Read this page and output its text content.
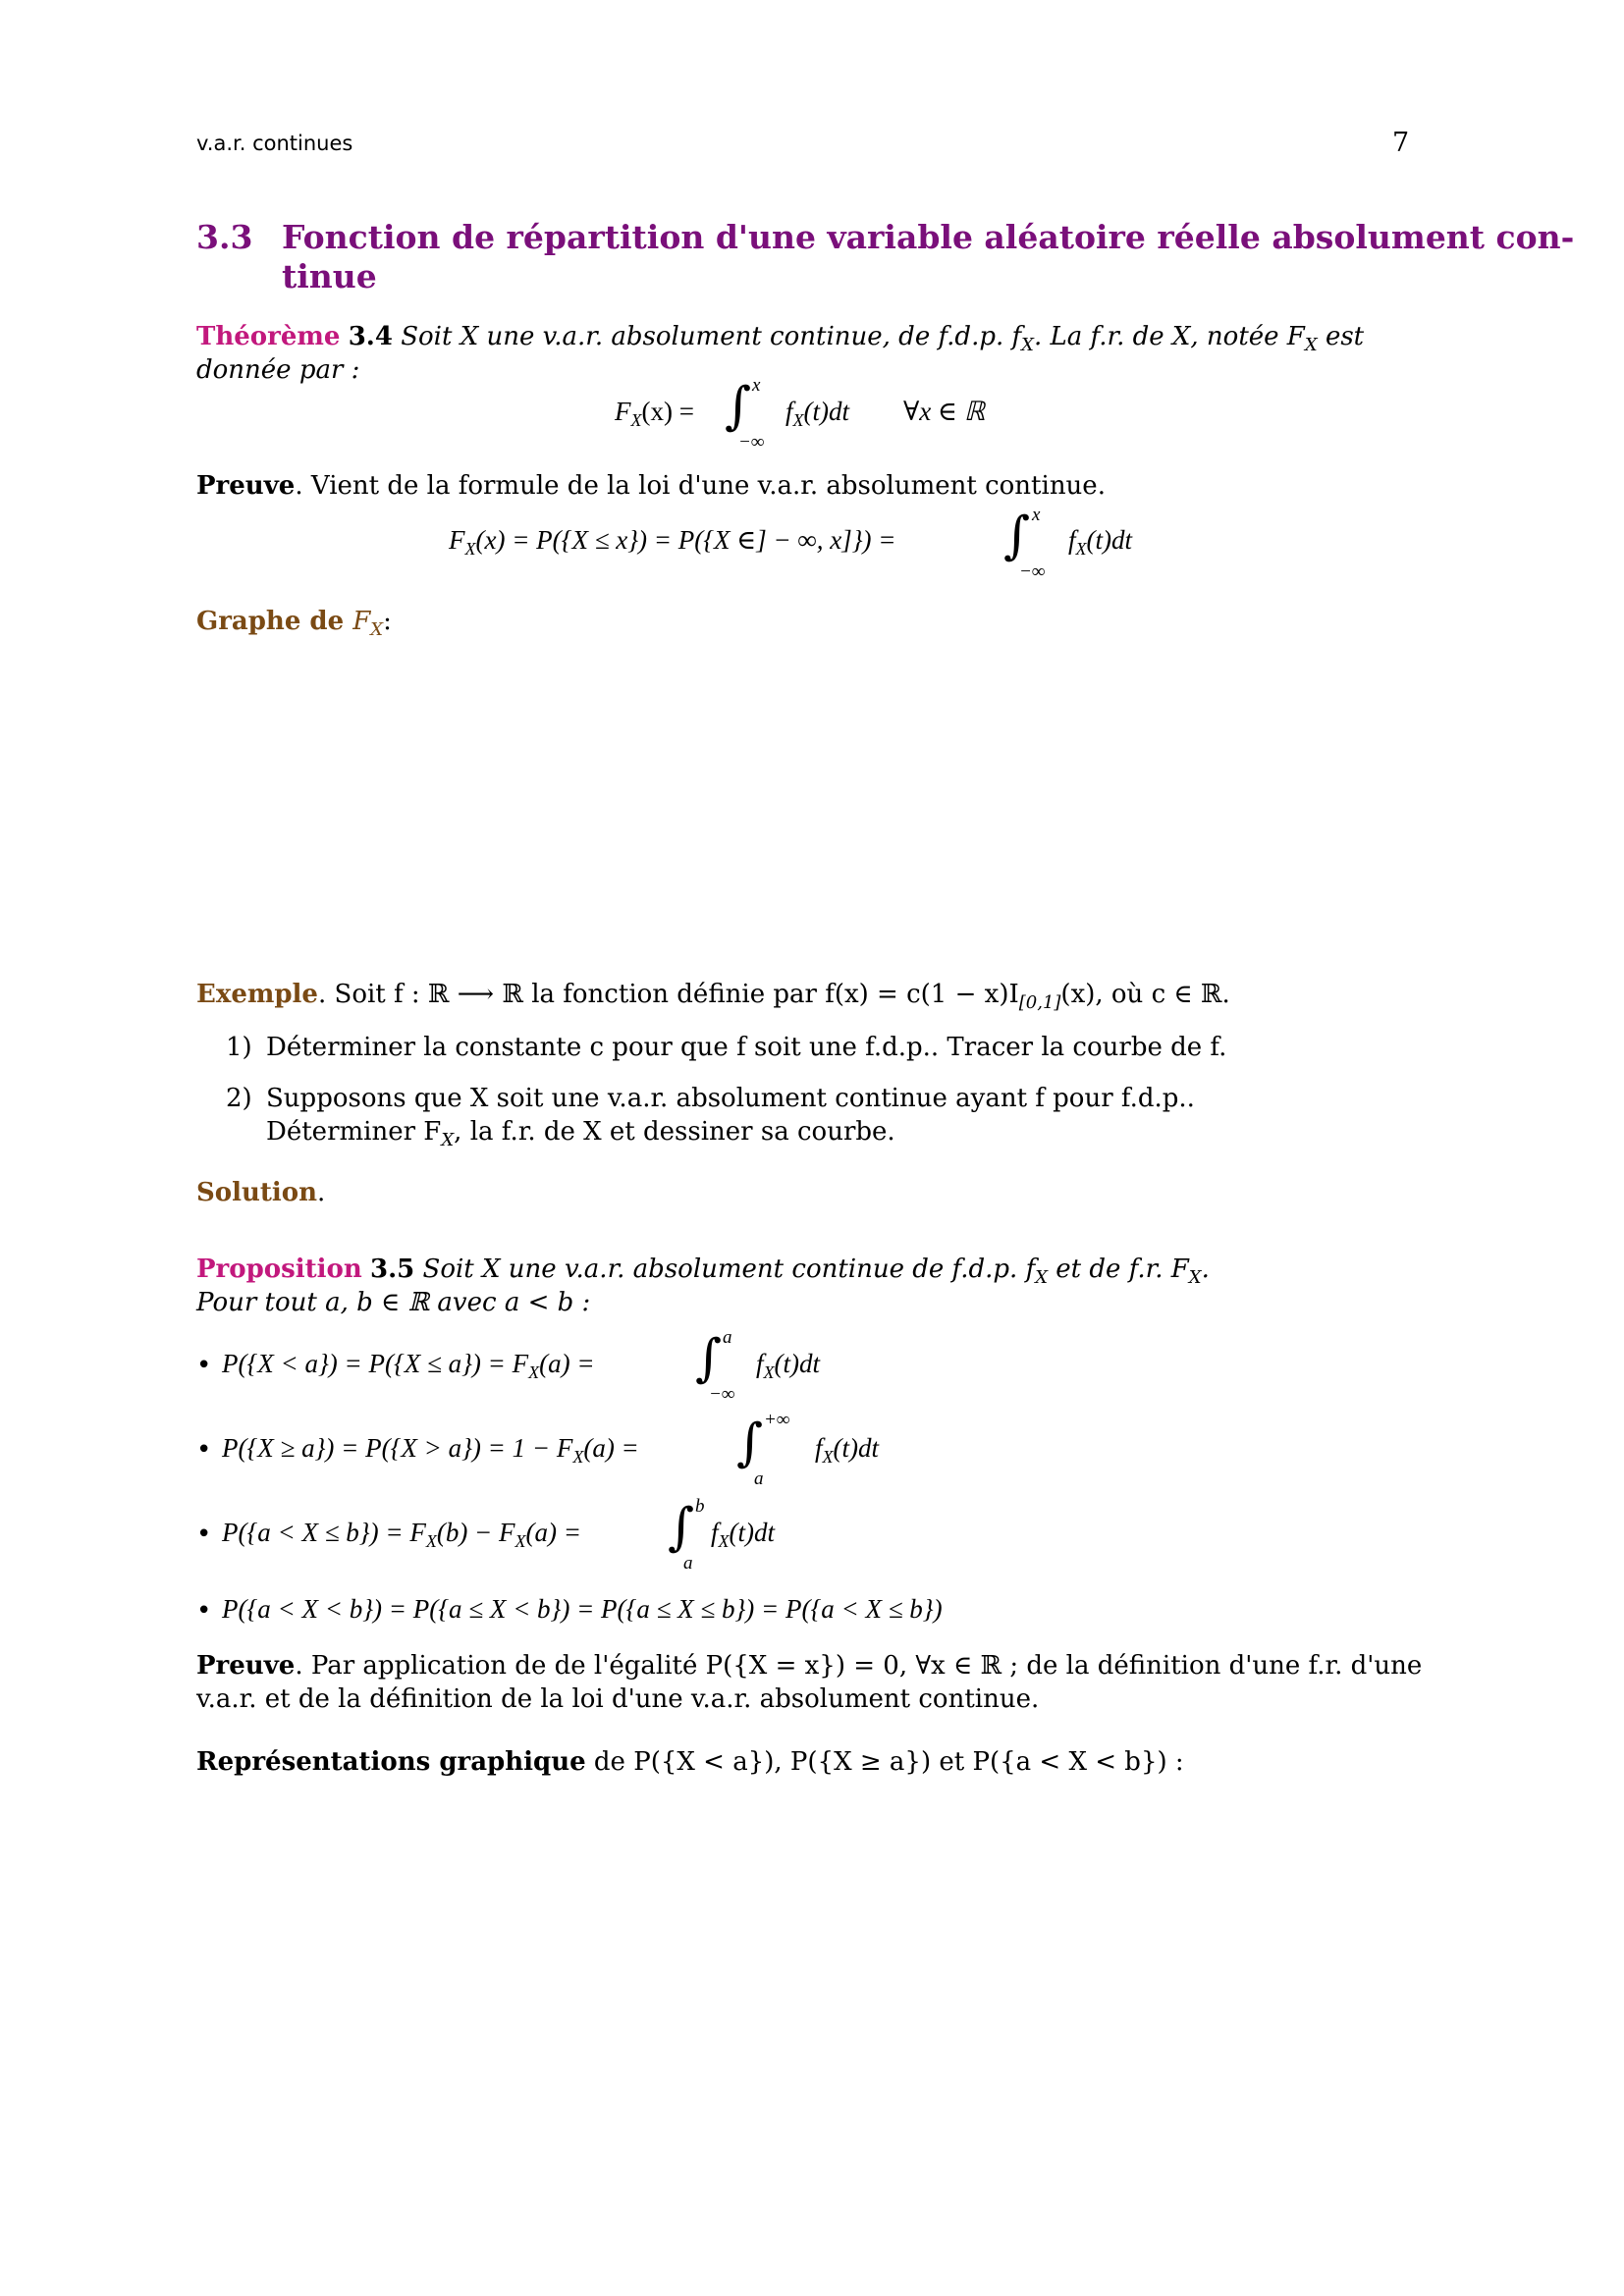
v.a.r. continues	7
3.3 Fonction de répartition d'une variable aléatoire réelle absolument con-
tinue
Théorème 3.4 Soit X une v.a.r. absolument continue, de f.d.p. $f_X$. La f.r. de X, notée $F_X$ est
donnée par :
$F_X(x)$ = ∫ x
−∞
$f_X(t)dt$ ∀x ∈ ℝ
Preuve. Vient de la formule de la loi d'une v.a.r. absolument continue.
$F_X(x) = P(\{X \le x\}) = P(\{X$ ∈] − ∞, x]}) = ∫ x
−∞
$f_X(t)dt$
Graphe de $F_X$:
Exemple. Soit f : ℝ ⟶ ℝ la fonction définie par $f(x) = c(1 - x)I_{[0,1]}(x)$, où c ∈ ℝ.
1) Déterminer la constante c pour que f soit une f.d.p.. Tracer la courbe de f.
2) Supposons que X soit une v.a.r. absolument continue ayant f pour f.d.p..
Déterminer $F_X$, la f.r. de X et dessiner sa courbe.
Solution.
Proposition 3.5 Soit X une v.a.r. absolument continue de f.d.p. $f_X$ et de f.r. $F_X$.
Pour tout a, b ∈ ℝ avec a < b :
• $P(\{X < a\}) = P(\{X \le a\}) = F_X(a)$ = ∫ a
−∞
$f_X(t)dt$
• $P(\{X \ge a\}) = P(\{X > a\}) = 1 - F_X(a)$ = ∫ +∞
a
$f_X(t)dt$
• $P(\{a < X \le b\}) = F_X(b) - F_X(a)$ = ∫ b
a
$f_X(t)dt$
• P({a < X < b}) = P({a ≤ X < b}) = P({a ≤ X ≤ b}) = P({a < X ≤ b})
Preuve. Par application de de l'égalité P({X = x}) = 0, ∀x ∈ ℝ ; de la définition d'une f.r. d'une
v.a.r. et de la définition de la loi d'une v.a.r. absolument continue.
Représentations graphique de P({X < a}), P({X ≥ a}) et P({a < X < b}) :
